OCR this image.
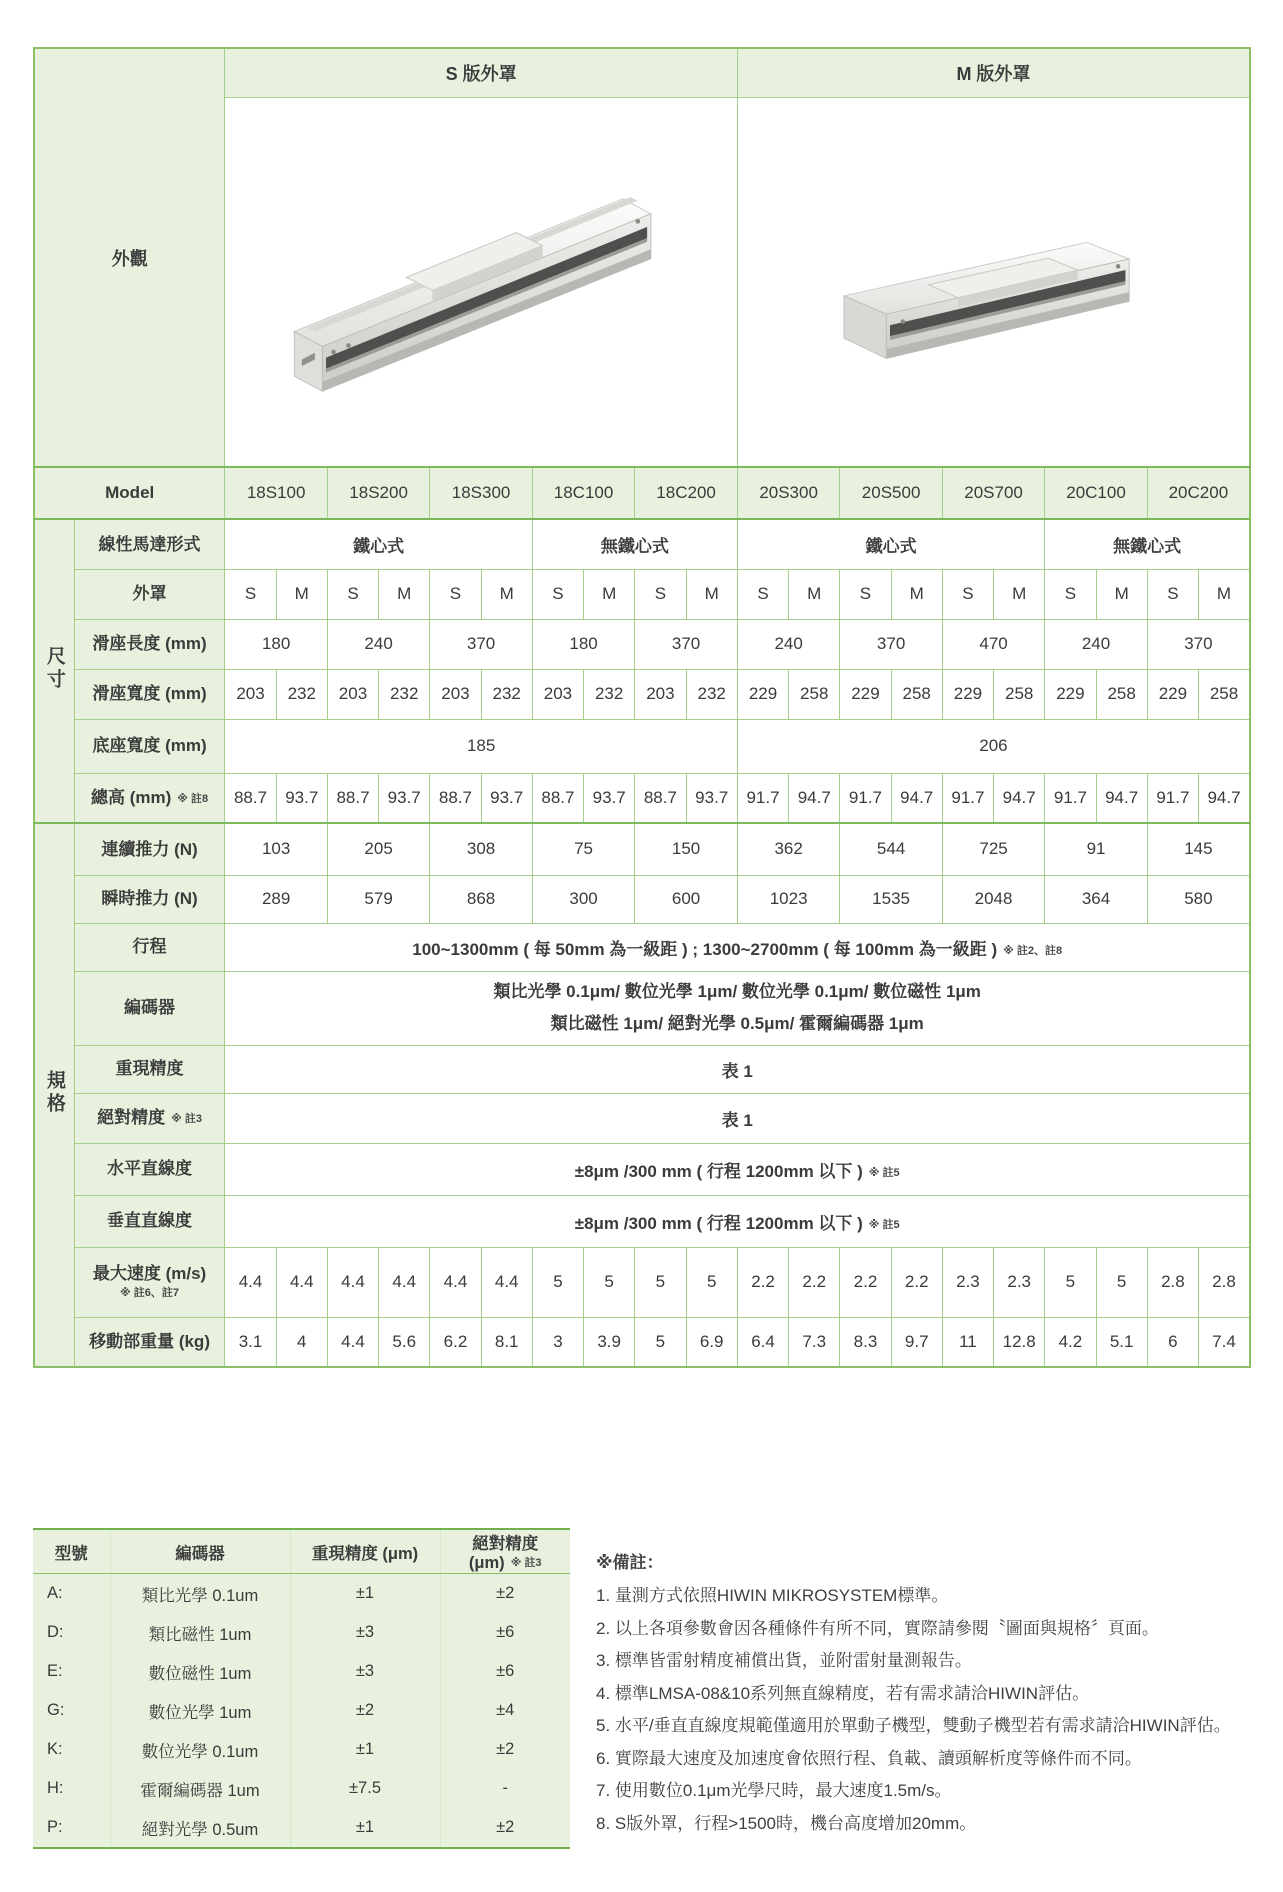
外觀		S 版外罩										M 版外罩									

Model		18S100		18S200		18S300		18C100		18C200		20S300		20S500		20S700		20C100		20C200	
尺寸	線性馬達形式	鐵心式						無鐵心式				鐵心式						無鐵心式			
	外罩	S	M	S	M	S	M	S	M	S	M	S	M	S	M	S	M	S	M	S	M
	滑座長度 (mm)	180		240		370		180		370		240		370		470		240		370	
	滑座寬度 (mm)	203	232	203	232	203	232	203	232	203	232	229	258	229	258	229	258	229	258	229	258
	底座寬度 (mm)	185										206									
	總高 (mm) ※ 註8	88.7	93.7	88.7	93.7	88.7	93.7	88.7	93.7	88.7	93.7	91.7	94.7	91.7	94.7	91.7	94.7	91.7	94.7	91.7	94.7
規格	連續推力 (N)	103		205		308		75		150		362		544		725		91		145	
	瞬時推力 (N)	289		579		868		300		600		1023		1535		2048		364		580	
	行程	100~1300mm ( 每 50mm 為一級距 ) ; 1300~2700mm ( 每 100mm 為一級距 ) ※ 註2、註8																			
	編碼器	類比光學 0.1μm/ 數位光學 1μm/ 數位光學 0.1μm/ 數位磁性 1μm
類比磁性 1μm/ 絕對光學 0.5μm/ 霍爾編碼器 1μm																			

	重現精度	表 1																			
	絕對精度 ※ 註3	表 1																			
	水平直線度	±8μm /300 mm ( 行程 1200mm 以下 ) ※ 註5																			
	垂直直線度	±8μm /300 mm ( 行程 1200mm 以下 ) ※ 註5																			
	最大速度 (m/s)
※ 註6、註7	4.4	4.4	4.4	4.4	4.4	4.4	5	5	5	5	2.2	2.2	2.2	2.2	2.3	2.3	5	5	2.8	2.8
	移動部重量 (kg)	3.1	4	4.4	5.6	6.2	8.1	3	3.9	5	6.9	6.4	7.3	8.3	9.7	11	12.8	4.2	5.1	6	7.4
型號	編碼器	重現精度 (μm)	絕對精度 (μm) ※ 註3
A:	類比光學 0.1um	±1	±2
D:	類比磁性 1um	±3	±6
E:	數位磁性 1um	±3	±6
G:	數位光學 1um	±2	±4
K:	數位光學 0.1um	±1	±2
H:	霍爾編碼器 1um	±7.5	-
P:	絕對光學 0.5um	±1	±2
※備註：
量測方式依照HIWIN MIKROSYSTEM標準。
以上各項參數會因各種條件有所不同，實際請參閱〝圖面與規格〞頁面。
標準皆雷射精度補償出貨，並附雷射量測報告。
標準LMSA-08&10系列無直線精度，若有需求請洽HIWIN評估。
水平/垂直直線度規範僅適用於單動子機型，雙動子機型若有需求請洽HIWIN評估。
實際最大速度及加速度會依照行程、負載、讀頭解析度等條件而不同。
使用數位0.1μm光學尺時，最大速度1.5m/s。
S版外罩，行程>1500時，機台高度增加20mm。
